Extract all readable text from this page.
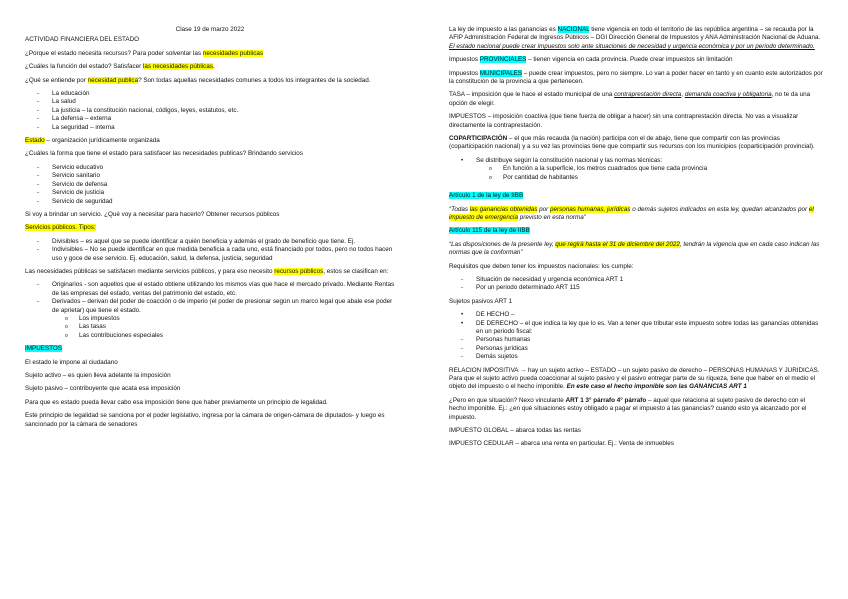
Clase 19 de marzo 2022

ACTIVIDAD FINANCIERA DEL ESTADO

¿Porque el estado necesita recursos? Para poder solventar las necesidades publicas

¿Cuáles la función del estado? Satisfacer las necesidades públicas.

¿Qué se entiende por necesidad publica? Son todas aquellas necesidades comunes a todos los integrantes de la sociedad.

- La educación
- La salud
- La justicia – la constitución nacional, códigos, leyes, estatutos, etc.
- La defensa – externa
- La seguridad – interna

Estado – organización jurídicamente organizada

¿Cuáles la forma que tiene el estado para satisfacer las necesidades publicas? Brindando servicios

- Servicio educativo
- Servicio sanitario
- Servicio de defensa
- Servicio de justicia
- Servicio de seguridad

Si voy a brindar un servicio. ¿Qué voy a necesitar para hacerlo? Obtener recursos públicos

Servicios públicos. Tipos:

- Divisibles – es aquel que se puede identificar a quién beneficia y además el grado de beneficio que tiene. Ej.
- Indivisibles – No se puede identificar en que medida beneficia a cada uno, está financiado por todos, pero no todos hacen uso y goce de ese servicio. Ej. educación, salud, la defensa, justicia, seguridad

Las necesidades públicas se satisfacen mediante servicios públicos, y para eso necesito recursos públicos, estos se clasifican en:

- Originarios - son aquellos que el estado obtiene utilizando los mismos vías que hace el mercado privado. Mediante Rentas de las empresas del estado, ventas del patrimonio del estado, etc.
- Derivados – derivan del poder de coacción o de imperio (el poder de presionar según un marco legal que abale ese poder de aprietar) que tiene el estado.
o Los impuestos
o Las tasas
o Las contribuciones especiales

IMPUESTOS

El estado le impone al ciudadano

Sujeto activo – es quien lleva adelante la imposición

Sujeto pasivo – contribuyente que acata esa imposición

Para que es estado pueda llevar cabo esa imposición tiene que haber previamente un principio de legalidad.

Este principio de legalidad se sanciona por el poder legislativo, ingresa por la cámara de origen-cámara de diputados- y luego es sancionado por la cámara de senadores

La ley de impuesto a las ganancias es NACIONAL tiene vigencia en todo el territorio de las república argentina – se recauda por la AFIP Administración Federal de Ingresos Públicos – DGI Dirección General de Impuestos y ANA Administración Nacional de Aduana. El estado nacional puede crear impuestos solo ante situaciones de necesidad y urgencia económica y por un periodo determinado.

Impuestos PROVINCIALES – tienen vigencia en cada provincia. Puede crear impuestos sin limitación

Impuestos MUNICIPALES – puede crear impuestos, pero no siempre. Lo van a poder hacer en tanto y en cuanto este autorizados por la constitución de la provincia a que pertenecen.

TASA – imposición que le hace el estado municipal de una contraprestación directa, demanda coactiva y obligatoria, no te da una opción de elegir.

IMPUESTOS – imposición coactiva (que tiene fuerza de obligar a hacer) sin una contraprestación directa. No vas a visualizar directamente la contraprestación.

COPARTICIPACIÓN – el que más recauda (la nación) participa con el de abajo, tiene que compartir con las provincias (coparticipación nacional) y a su vez las provincias tiene que compartir sus recursos con los municipios (coparticipación provincial).

• Se distribuye según la constitución nacional y las normas técnicas:
o En función a la superficie, los metros cuadrados que tiene cada provincia
o Por cantidad de habitantes

Artículo 1 de la ley de IIBB

“Todas las ganancias obtenidas por personas humanas, jurídicas o demás sujetos indicados en esta ley, quedan alcanzados por el impuesto de emergencia previsto en esta norma”

Artículo 115 de la ley de IIBB

“Las disposiciones de la presente ley, que regirá hasta el 31 de diciembre del 2022, tendrán la vigencia que en cada caso indican las normas que la conforman”

Requisitos que deben tener los impuestos nacionales: los cumple:

- Situación de necesidad y urgencia económica ART 1
- Por un periodo determinado ART 115

Sujetos pasivos ART 1

• DE HECHO –
• DE DERECHO – el que indica la ley que lo es. Van a tener que tributar este impuesto sobre todas las ganancias obtenidas en un periodo fiscal:
- Personas humanas
- Personas jurídicas
- Demás sujetos

RELACION IMPOSITIVA → hay un sujeto activo – ESTADO – un sujeto pasivo de derecho – PERSONAS HUMANAS Y JURIDICAS. Para que el sujeto activo pueda coaccionar al sujeto pasivo y el pasivo entregar parte de su riqueza, tiene que haber en el medio el objeto del impuesto o el hecho imponible. En este caso el hecho imponible son las GANANCIAS ART 1

¿Pero en que situación? Nexo vinculante ART 1 3° párrafo 4° párrafo – aquel que relaciona al sujeto pasivo de derecho con el hecho imponible. Ej.: ¿en qué situaciones estoy obligado a pagar el impuesto a las ganancias? cuando esto ya alcanzado por el impuesto.

IMPUESTO GLOBAL – abarca todas las rentas

IMPUESTO CEDULAR – abarca una renta en particular. Ej.: Venta de inmuebles
